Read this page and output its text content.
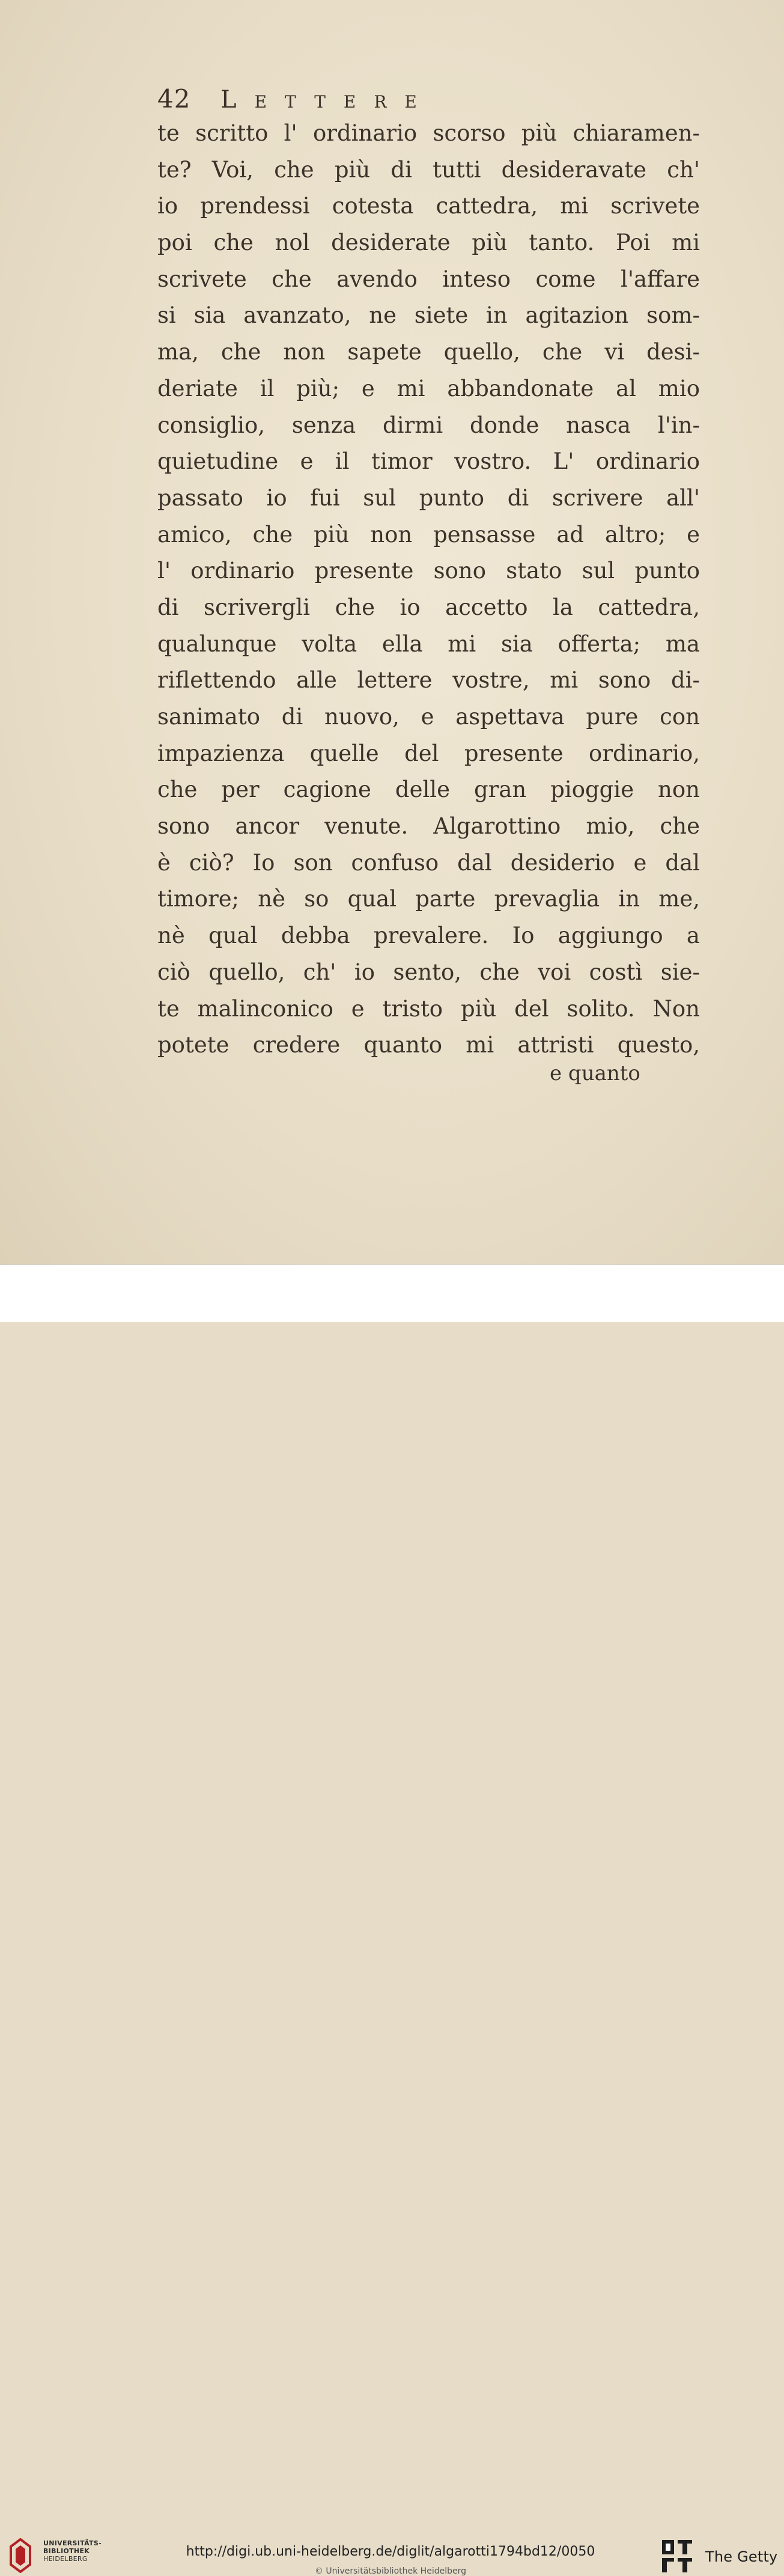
42	Lettere
te scritto l' ordinario scorso più chiaramen-
te? Voi, che più di tutti desideravate ch'
io prendessi cotesta cattedra, mi scrivete
poi che nol desiderate più tanto. Poi mi
scrivete che avendo inteso come l'affare
si sia avanzato, ne siete in agitazion som-
ma, che non sapete quello, che vi desi-
deriate il più; e mi abbandonate al mio
consiglio, senza dirmi donde nasca l'in-
quietudine e il timor vostro. L' ordinario
passato io fui sul punto di scrivere all'
amico, che più non pensasse ad altro; e
l' ordinario presente sono stato sul punto
di scrivergli che io accetto la cattedra,
qualunque volta ella mi sia offerta; ma
riflettendo alle lettere vostre, mi sono di-
sanimato di nuovo, e aspettava pure con
impazienza quelle del presente ordinario,
che per cagione delle gran pioggie non
sono ancor venute. Algarottino mio, che
è ciò? Io son confuso dal desiderio e dal
timore; nè so qual parte prevaglia in me,
nè qual debba prevalere. Io aggiungo a
ciò quello, ch' io sento, che voi costì sie-
te malinconico e tristo più del solito. Non
potete credere quanto mi attristi questo,
e quanto
UNIVERSITÄTS-
BIBLIOTHEK
HEIDELBERG	http://digi.ub.uni-heidelberg.de/diglit/algarotti1794bd12/0050
© Universitätsbibliothek Heidelberg
The Getty
